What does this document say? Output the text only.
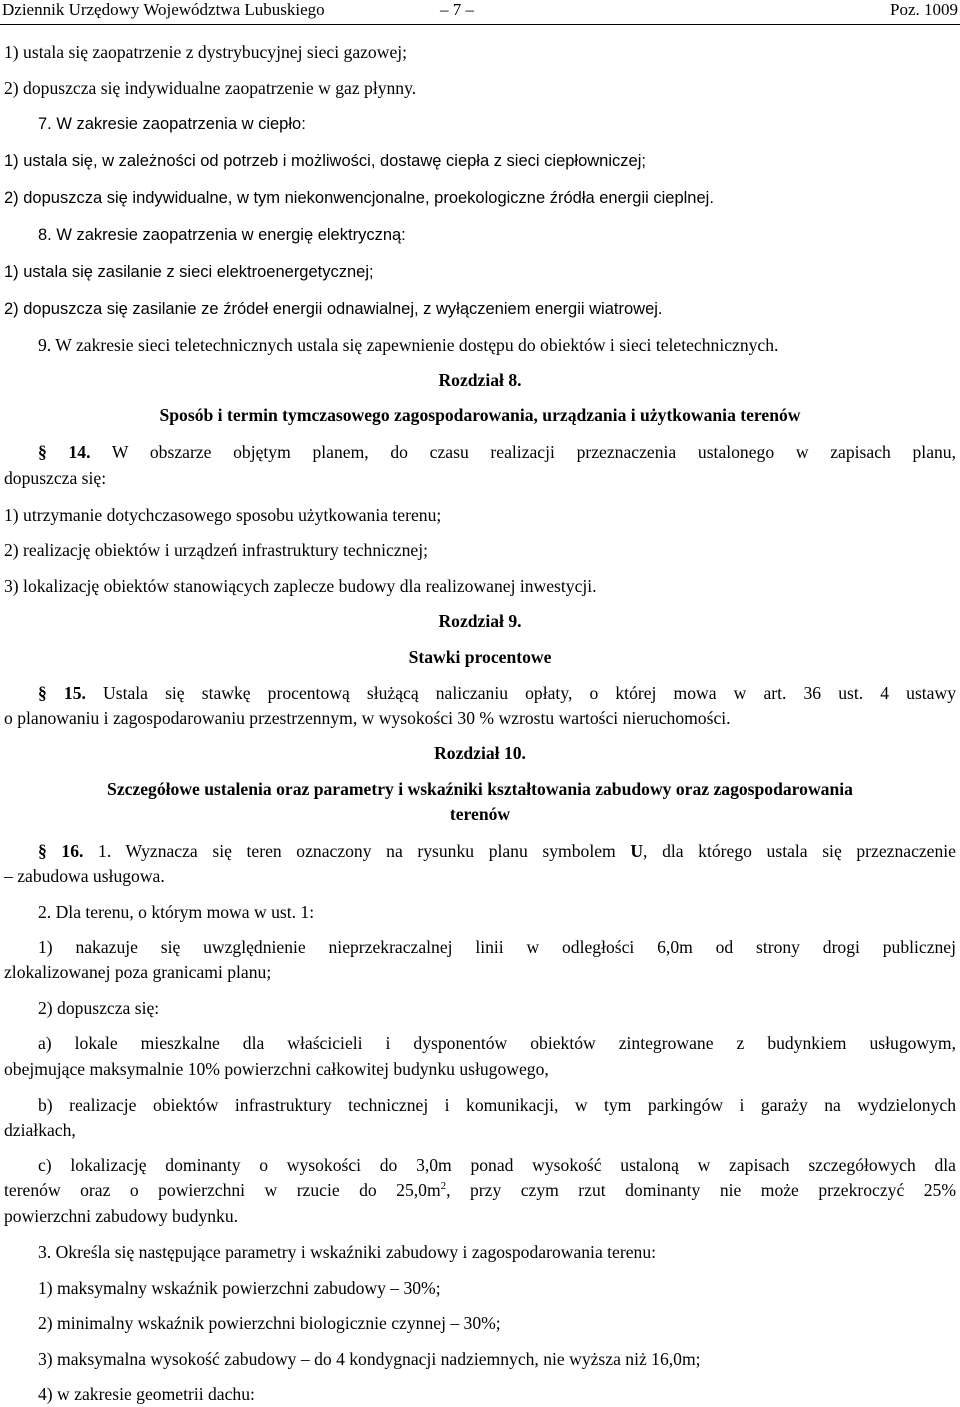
Dziennik Urzędowy Województwa Lubuskiego	– 7 –	Poz. 1009
1) ustala się zaopatrzenie z dystrybucyjnej sieci gazowej;
2) dopuszcza się indywidualne zaopatrzenie w gaz płynny.
7. W zakresie zaopatrzenia w ciepło:
1) ustala się, w zależności od potrzeb i możliwości, dostawę ciepła z sieci ciepłowniczej;
2) dopuszcza się indywidualne, w tym niekonwencjonalne, proekologiczne źródła energii cieplnej.
8. W zakresie zaopatrzenia w energię elektryczną:
1) ustala się zasilanie z sieci elektroenergetycznej;
2) dopuszcza się zasilanie ze źródeł energii odnawialnej, z wyłączeniem energii wiatrowej.
9. W zakresie sieci teletechnicznych ustala się zapewnienie dostępu do obiektów i sieci teletechnicznych.
Rozdział 8.
Sposób i termin tymczasowego zagospodarowania, urządzania i użytkowania terenów
§ 14. W obszarze objętym planem, do czasu realizacji przeznaczenia ustalonego w zapisach planu,
dopuszcza się:
1) utrzymanie dotychczasowego sposobu użytkowania terenu;
2) realizację obiektów i urządzeń infrastruktury technicznej;
3) lokalizację obiektów stanowiących zaplecze budowy dla realizowanej inwestycji.
Rozdział 9.
Stawki procentowe
§ 15. Ustala się stawkę procentową służącą naliczaniu opłaty, o której mowa w art. 36 ust. 4 ustawy
o planowaniu i zagospodarowaniu przestrzennym, w wysokości 30 % wzrostu wartości nieruchomości.
Rozdział 10.
Szczegółowe ustalenia oraz parametry i wskaźniki kształtowania zabudowy oraz zagospodarowania
terenów
§ 16. 1. Wyznacza się teren oznaczony na rysunku planu symbolem U, dla którego ustala się przeznaczenie
– zabudowa usługowa.
2. Dla terenu, o którym mowa w ust. 1:
1) nakazuje się uwzględnienie nieprzekraczalnej linii w odległości 6,0m od strony drogi publicznej
zlokalizowanej poza granicami planu;
2) dopuszcza się:
a) lokale mieszkalne dla właścicieli i dysponentów obiektów zintegrowane z budynkiem usługowym,
obejmujące maksymalnie 10% powierzchni całkowitej budynku usługowego,
b) realizacje obiektów infrastruktury technicznej i komunikacji, w tym parkingów i garaży na wydzielonych
działkach,
c) lokalizację dominanty o wysokości do 3,0m ponad wysokość ustaloną w zapisach szczegółowych dla
terenów oraz o powierzchni w rzucie do $25,0m^2$, przy czym rzut dominanty nie może przekroczyć 25%
powierzchni zabudowy budynku.
3. Określa się następujące parametry i wskaźniki zabudowy i zagospodarowania terenu:
1) maksymalny wskaźnik powierzchni zabudowy – 30%;
2) minimalny wskaźnik powierzchni biologicznie czynnej – 30%;
3) maksymalna wysokość zabudowy – do 4 kondygnacji nadziemnych, nie wyższa niż 16,0m;
4) w zakresie geometrii dachu:
